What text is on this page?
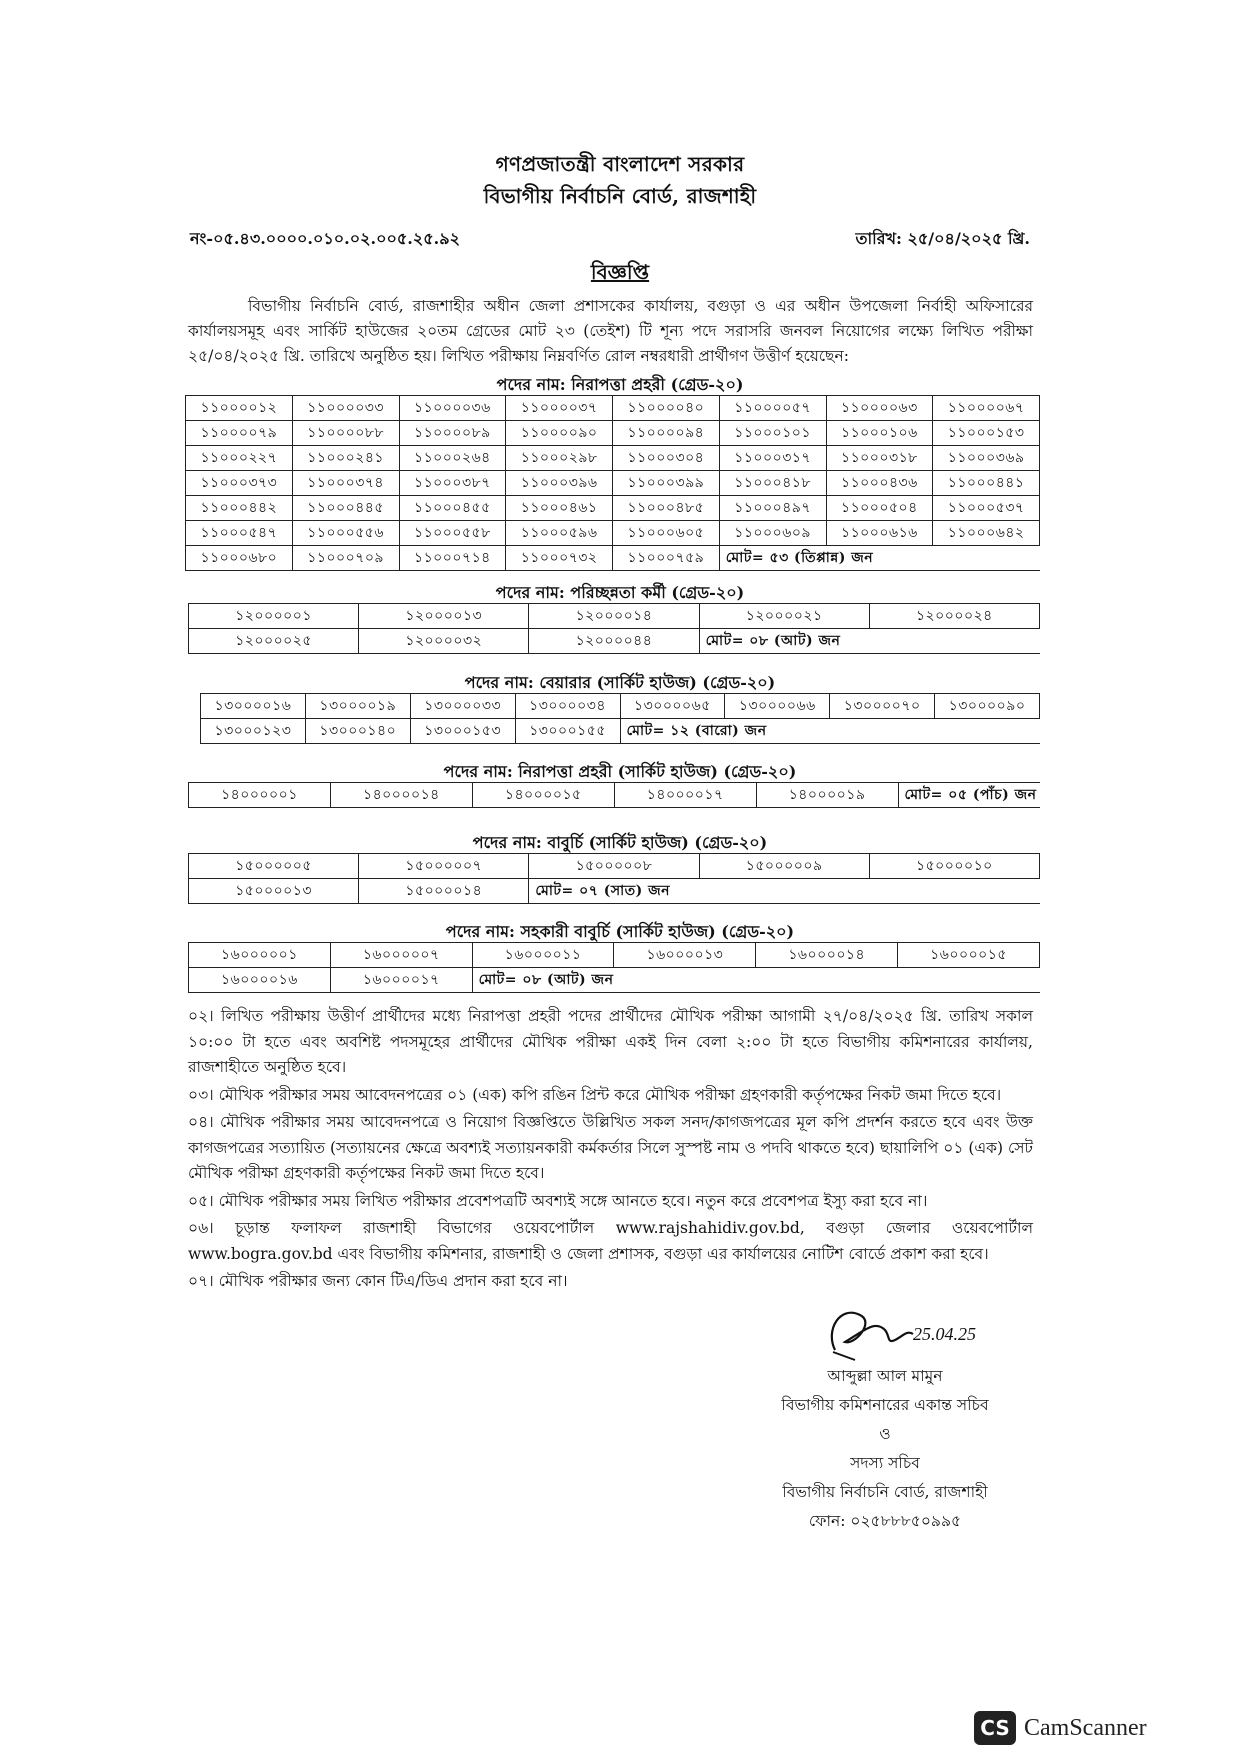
গণপ্রজাতন্ত্রী বাংলাদেশ সরকার
বিভাগীয় নির্বাচনি বোর্ড, রাজশাহী
নং-০৫.৪৩.০০০০.০১০.০২.০০৫.২৫.৯২	তারিখ: ২৫/০৪/২০২৫ খ্রি.
বিজ্ঞপ্তি
বিভাগীয় নির্বাচনি বোর্ড, রাজশাহীর অধীন জেলা প্রশাসকের কার্যালয়, বগুড়া ও এর অধীন উপজেলা নির্বাহী অফিসারের কার্যালয়সমূহ এবং সার্কিট হাউজের ২০তম গ্রেডের মোট ২৩ (তেইশ) টি শূন্য পদে সরাসরি জনবল নিয়োগের লক্ষ্যে লিখিত পরীক্ষা ২৫/০৪/২০২৫ খ্রি. তারিখে অনুষ্ঠিত হয়। লিখিত পরীক্ষায় নিম্নবর্ণিত রোল নম্বরধারী প্রার্থীগণ উত্তীর্ণ হয়েছেন:
পদের নাম: নিরাপত্তা প্রহরী (গ্রেড-২০)
১১০০০০১২	১১০০০০৩৩	১১০০০০৩৬	১১০০০০৩৭	১১০০০০৪০	১১০০০০৫৭	১১০০০০৬৩	১১০০০০৬৭
১১০০০০৭৯	১১০০০০৮৮	১১০০০০৮৯	১১০০০০৯০	১১০০০০৯৪	১১০০০১০১	১১০০০১০৬	১১০০০১৫৩
১১০০০২২৭	১১০০০২৪১	১১০০০২৬৪	১১০০০২৯৮	১১০০০৩০৪	১১০০০৩১৭	১১০০০৩১৮	১১০০০৩৬৯
১১০০০৩৭৩	১১০০০৩৭৪	১১০০০৩৮৭	১১০০০৩৯৬	১১০০০৩৯৯	১১০০০৪১৮	১১০০০৪৩৬	১১০০০৪৪১
১১০০০৪৪২	১১০০০৪৪৫	১১০০০৪৫৫	১১০০০৪৬১	১১০০০৪৮৫	১১০০০৪৯৭	১১০০০৫০৪	১১০০০৫৩৭
১১০০০৫৪৭	১১০০০৫৫৬	১১০০০৫৫৮	১১০০০৫৯৬	১১০০০৬০৫	১১০০০৬০৯	১১০০০৬১৬	১১০০০৬৪২
১১০০০৬৮০	১১০০০৭০৯	১১০০০৭১৪	১১০০০৭৩২	১১০০০৭৫৯	মোট= ৫৩ (তিপ্পান্ন) জন		
পদের নাম: পরিচ্ছন্নতা কর্মী (গ্রেড-২০)
১২০০০০০১	১২০০০০১৩	১২০০০০১৪	১২০০০০২১	১২০০০০২৪
১২০০০০২৫	১২০০০০৩২	১২০০০০৪৪	মোট= ০৮ (আট) জন	
পদের নাম: বেয়ারার (সার্কিট হাউজ) (গ্রেড-২০)
১৩০০০০১৬	১৩০০০০১৯	১৩০০০০৩৩	১৩০০০০৩৪	১৩০০০০৬৫	১৩০০০০৬৬	১৩০০০০৭০	১৩০০০০৯০
১৩০০০১২৩	১৩০০০১৪০	১৩০০০১৫৩	১৩০০০১৫৫	মোট= ১২ (বারো) জন			
পদের নাম: নিরাপত্তা প্রহরী (সার্কিট হাউজ) (গ্রেড-২০)
১৪০০০০০১	১৪০০০০১৪	১৪০০০০১৫	১৪০০০০১৭	১৪০০০০১৯	মোট= ০৫ (পাঁচ) জন
পদের নাম: বাবুর্চি (সার্কিট হাউজ) (গ্রেড-২০)
১৫০০০০০৫	১৫০০০০০৭	১৫০০০০০৮	১৫০০০০০৯	১৫০০০০১০
১৫০০০০১৩	১৫০০০০১৪	মোট= ০৭ (সাত) জন		
পদের নাম: সহকারী বাবুর্চি (সার্কিট হাউজ) (গ্রেড-২০)
১৬০০০০০১	১৬০০০০০৭	১৬০০০০১১	১৬০০০০১৩	১৬০০০০১৪	১৬০০০০১৫
১৬০০০০১৬	১৬০০০০১৭	মোট= ০৮ (আট) জন			

০২। লিখিত পরীক্ষায় উত্তীর্ণ প্রার্থীদের মধ্যে নিরাপত্তা প্রহরী পদের প্রার্থীদের মৌখিক পরীক্ষা আগামী ২৭/০৪/২০২৫ খ্রি. তারিখ সকাল ১০:০০ টা হতে এবং অবশিষ্ট পদসমূহের প্রার্থীদের মৌখিক পরীক্ষা একই দিন বেলা ২:০০ টা হতে বিভাগীয় কমিশনারের কার্যালয়, রাজশাহীতে অনুষ্ঠিত হবে।

০৩। মৌখিক পরীক্ষার সময় আবেদনপত্রের ০১ (এক) কপি রঙিন প্রিন্ট করে মৌখিক পরীক্ষা গ্রহণকারী কর্তৃপক্ষের নিকট জমা দিতে হবে।

০৪। মৌখিক পরীক্ষার সময় আবেদনপত্রে ও নিয়োগ বিজ্ঞপ্তিতে উল্লিখিত সকল সনদ/কাগজপত্রের মূল কপি প্রদর্শন করতে হবে এবং উক্ত কাগজপত্রের সত্যায়িত (সত্যায়নের ক্ষেত্রে অবশ্যই সত্যায়নকারী কর্মকর্তার সিলে সুস্পষ্ট নাম ও পদবি থাকতে হবে) ছায়ালিপি ০১ (এক) সেট মৌখিক পরীক্ষা গ্রহণকারী কর্তৃপক্ষের নিকট জমা দিতে হবে।

০৫। মৌখিক পরীক্ষার সময় লিখিত পরীক্ষার প্রবেশপত্রটি অবশ্যই সঙ্গে আনতে হবে। নতুন করে প্রবেশপত্র ইস্যু করা হবে না।

০৬। চূড়ান্ত ফলাফল রাজশাহী বিভাগের ওয়েবপোর্টাল www.rajshahidiv.gov.bd, বগুড়া জেলার ওয়েবপোর্টাল www.bogra.gov.bd এবং বিভাগীয় কমিশনার, রাজশাহী ও জেলা প্রশাসক, বগুড়া এর কার্যালয়ের নোটিশ বোর্ডে প্রকাশ করা হবে।

০৭। মৌখিক পরীক্ষার জন্য কোন টিএ/ডিএ প্রদান করা হবে না।

25.04.25
আব্দুল্লা আল মামুন
বিভাগীয় কমিশনারের একান্ত সচিব
ও
সদস্য সচিব
বিভাগীয় নির্বাচনি বোর্ড, রাজশাহী
ফোন: ০২৫৮৮৮৫০৯৯৫
CS CamScanner
